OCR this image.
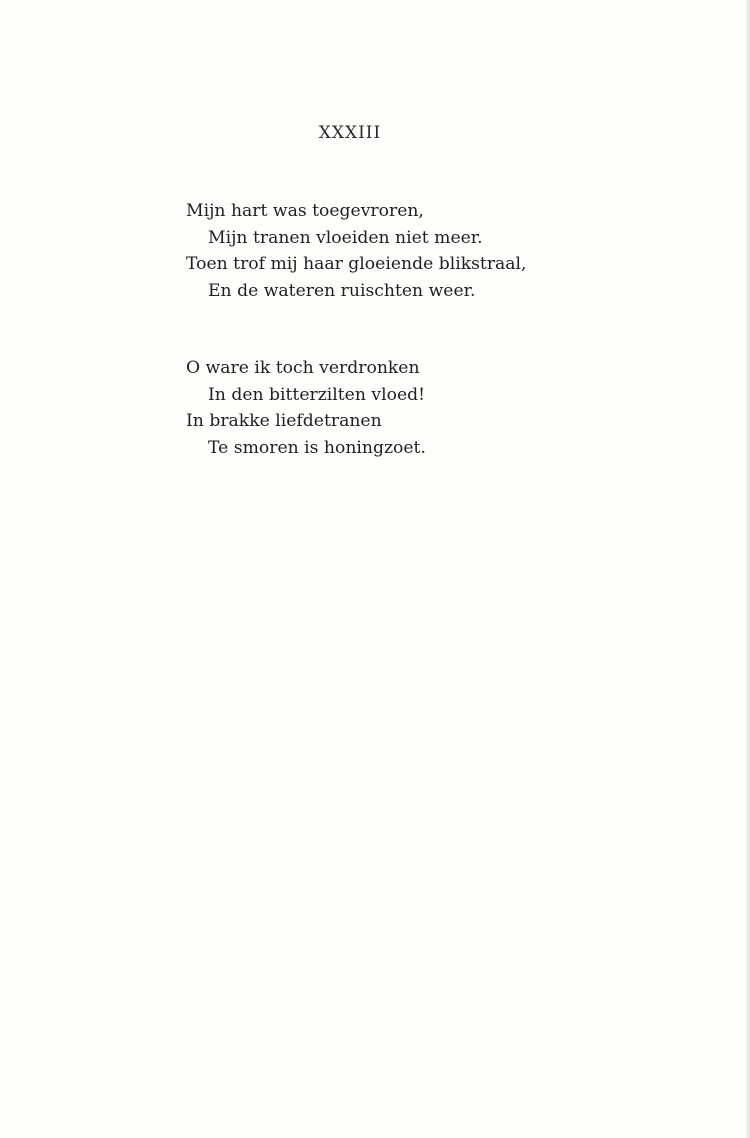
XXXIII
Mijn hart was toegevroren,
Mijn tranen vloeiden niet meer.
Toen trof mij haar gloeiende blikstraal,
En de wateren ruischten weer.
O ware ik toch verdronken
In den bitterzilten vloed!
In brakke liefdetranen
Te smoren is honingzoet.
